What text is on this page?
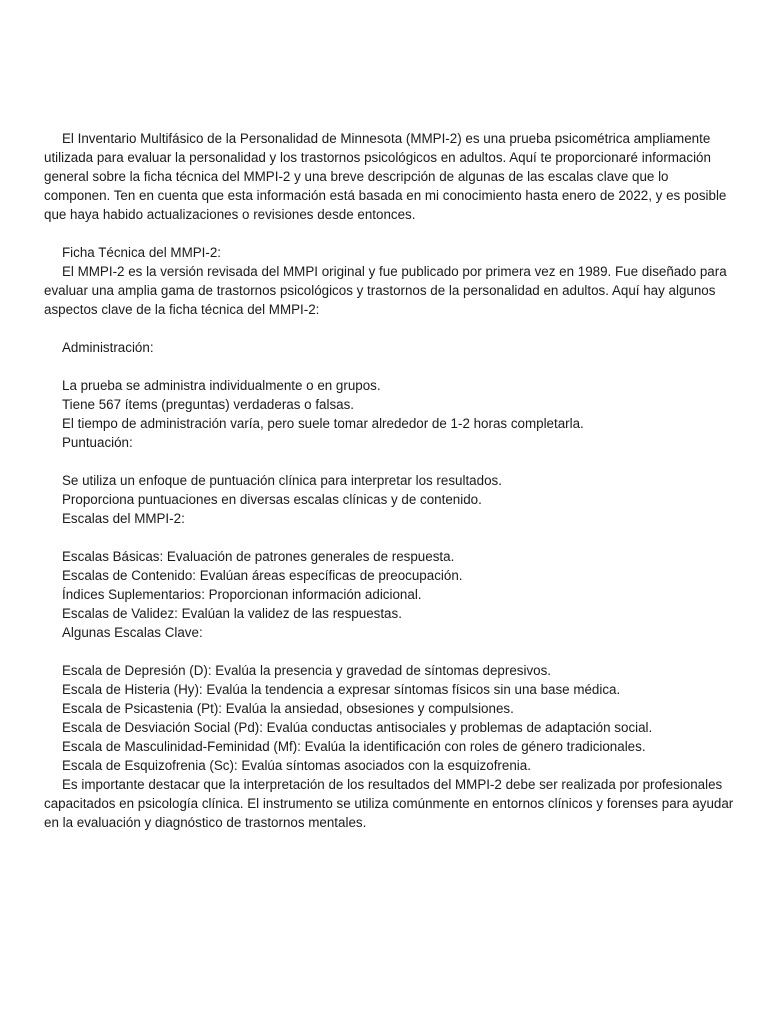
El Inventario Multifásico de la Personalidad de Minnesota (MMPI-2) es una prueba psicométrica ampliamente utilizada para evaluar la personalidad y los trastornos psicológicos en adultos. Aquí te proporcionaré información general sobre la ficha técnica del MMPI-2 y una breve descripción de algunas de las escalas clave que lo componen. Ten en cuenta que esta información está basada en mi conocimiento hasta enero de 2022, y es posible que haya habido actualizaciones o revisiones desde entonces.

Ficha Técnica del MMPI-2:

El MMPI-2 es la versión revisada del MMPI original y fue publicado por primera vez en 1989. Fue diseñado para evaluar una amplia gama de trastornos psicológicos y trastornos de la personalidad en adultos. Aquí hay algunos aspectos clave de la ficha técnica del MMPI-2:

Administración:

La prueba se administra individualmente o en grupos.

Tiene 567 ítems (preguntas) verdaderas o falsas.

El tiempo de administración varía, pero suele tomar alrededor de 1-2 horas completarla.

Puntuación:

Se utiliza un enfoque de puntuación clínica para interpretar los resultados.

Proporciona puntuaciones en diversas escalas clínicas y de contenido.

Escalas del MMPI-2:

Escalas Básicas: Evaluación de patrones generales de respuesta.

Escalas de Contenido: Evalúan áreas específicas de preocupación.

Índices Suplementarios: Proporcionan información adicional.

Escalas de Validez: Evalúan la validez de las respuestas.

Algunas Escalas Clave:

Escala de Depresión (D): Evalúa la presencia y gravedad de síntomas depresivos.

Escala de Histeria (Hy): Evalúa la tendencia a expresar síntomas físicos sin una base médica.

Escala de Psicastenia (Pt): Evalúa la ansiedad, obsesiones y compulsiones.

Escala de Desviación Social (Pd): Evalúa conductas antisociales y problemas de adaptación social.

Escala de Masculinidad-Feminidad (Mf): Evalúa la identificación con roles de género tradicionales.

Escala de Esquizofrenia (Sc): Evalúa síntomas asociados con la esquizofrenia.

Es importante destacar que la interpretación de los resultados del MMPI-2 debe ser realizada por profesionales capacitados en psicología clínica. El instrumento se utiliza comúnmente en entornos clínicos y forenses para ayudar en la evaluación y diagnóstico de trastornos mentales.
